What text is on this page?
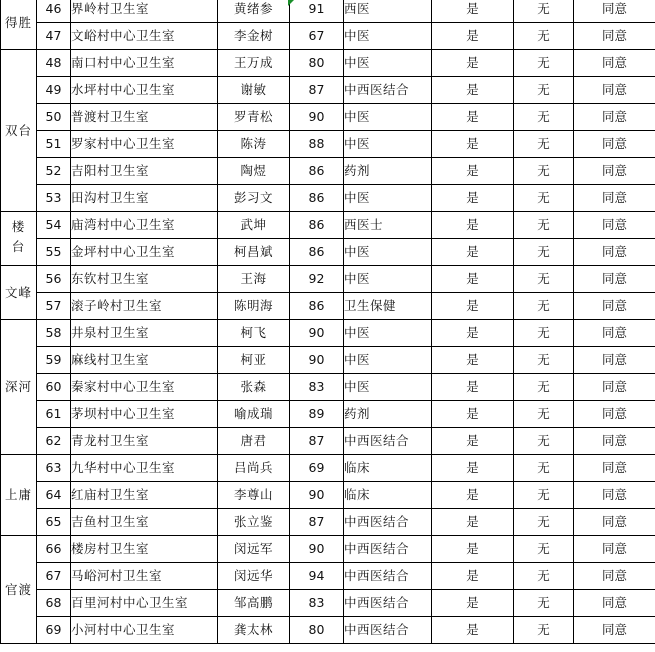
得胜	46	界岭村卫生室	黄绪参	91	西医	是	无	同意
	47	文峪村中心卫生室	李金树	67	中医	是	无	同意
双台	48	南口村中心卫生室	王万成	80	中医	是	无	同意
	49	水坪村中心卫生室	谢敏	87	中西医结合	是	无	同意
	50	普渡村卫生室	罗青松	90	中医	是	无	同意
	51	罗家村中心卫生室	陈涛	88	中医	是	无	同意
	52	吉阳村卫生室	陶煜	86	药剂	是	无	同意
	53	田沟村卫生室	彭习文	86	中医	是	无	同意
楼台	54	庙湾村中心卫生室	武坤	86	西医士	是	无	同意
	55	金坪村中心卫生室	柯昌斌	86	中医	是	无	同意
文峰	56	东钦村卫生室	王海	92	中医	是	无	同意
	57	滚子岭村卫生室	陈明海	86	卫生保健	是	无	同意
深河	58	井泉村卫生室	柯飞	90	中医	是	无	同意
	59	麻线村卫生室	柯亚	90	中医	是	无	同意
	60	秦家村中心卫生室	张森	83	中医	是	无	同意
	61	茅坝村中心卫生室	喻成瑞	89	药剂	是	无	同意
	62	青龙村卫生室	唐君	87	中西医结合	是	无	同意
上庸	63	九华村中心卫生室	吕尚兵	69	临床	是	无	同意
	64	红庙村卫生室	李尊山	90	临床	是	无	同意
	65	吉鱼村卫生室	张立鉴	87	中西医结合	是	无	同意
官渡	66	楼房村卫生室	闵远军	90	中西医结合	是	无	同意
	67	马峪河村卫生室	闵远华	94	中西医结合	是	无	同意
	68	百里河村中心卫生室	邹高鹏	83	中西医结合	是	无	同意
	69	小河村中心卫生室	龚太林	80	中西医结合	是	无	同意
